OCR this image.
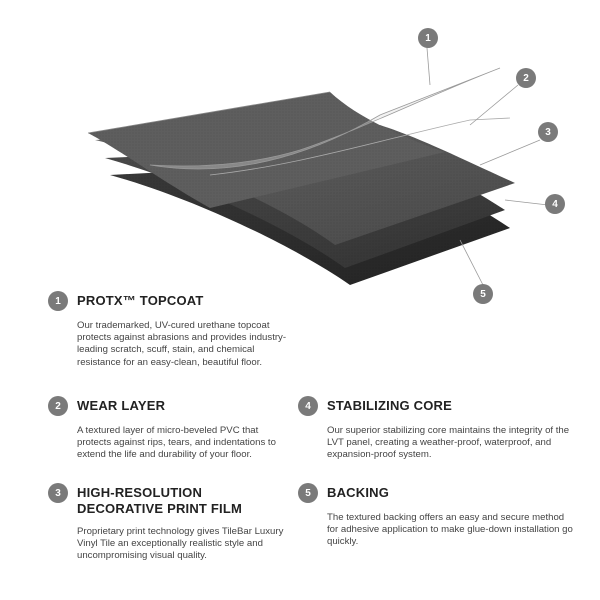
1
2
3
4
5
1	PROTX™ TOPCOAT
Our trademarked, UV-cured urethane topcoat protects against abrasions and provides industry-leading scratch, scuff, stain, and chemical resistance for an easy-clean, beautiful floor.
2	WEAR LAYER
A textured layer of micro-beveled PVC that protects against rips, tears, and indentations to extend the life and durability of your floor.
3	HIGH-RESOLUTION DECORATIVE PRINT FILM
Proprietary print technology gives TileBar Luxury Vinyl Tile an exceptionally realistic style and uncompromising visual quality.
4	STABILIZING CORE
Our superior stabilizing core maintains the integrity of the LVT panel, creating a weather-proof, waterproof, and expansion-proof system.
5	BACKING
The textured backing offers an easy and secure method for adhesive application to make glue-down installation go quickly.
